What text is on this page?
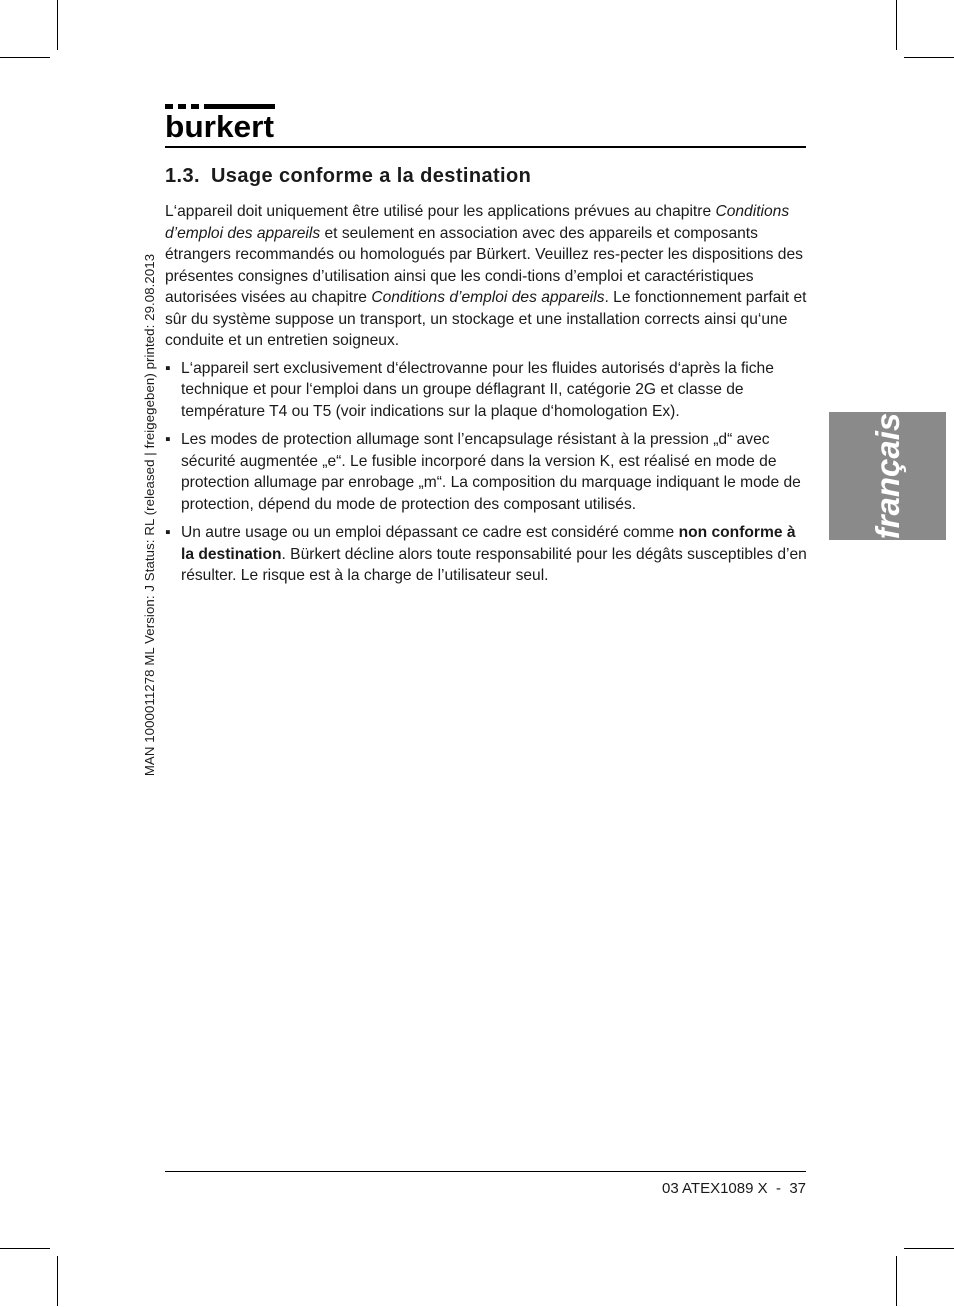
burkert
MAN 1000011278 ML Version: J Status: RL (released | freigegeben) printed: 29.08.2013	français
1.3. Usage conforme a la destination

L‘appareil doit uniquement être utilisé pour les applications prévues au chapitre Conditions d’emploi des appareils et seulement en association avec des appareils et composants étrangers recommandés ou homologués par Bürkert. Veuillez res-pecter les dispositions des présentes consignes d’utilisation ainsi que les condi-tions d’emploi et caractéristiques autorisées visées au chapitre Conditions d’emploi des appareils. Le fonctionnement parfait et sûr du système suppose un transport, un stockage et une installation corrects ainsi qu‘une conduite et un entretien soigneux.

▪ L‘appareil sert exclusivement d‘électrovanne pour les fluides autorisés d‘après la fiche technique et pour l‘emploi dans un groupe déflagrant II, catégorie 2G et classe de température T4 ou T5 (voir indications sur la plaque d‘homologation Ex).
▪ Les modes de protection allumage sont l’encapsulage résistant à la pression „d“ avec sécurité augmentée „e“. Le fusible incorporé dans la version K, est réalisé en mode de protection allumage par enrobage „m“. La composition du marquage indiquant le mode de protection, dépend du mode de protection des composant utilisés.
▪ Un autre usage ou un emploi dépassant ce cadre est considéré comme non conforme à la destination. Bürkert décline alors toute responsabilité pour les dégâts susceptibles d’en résulter. Le risque est à la charge de l’utilisateur seul.
03 ATEX1089 X - 37
